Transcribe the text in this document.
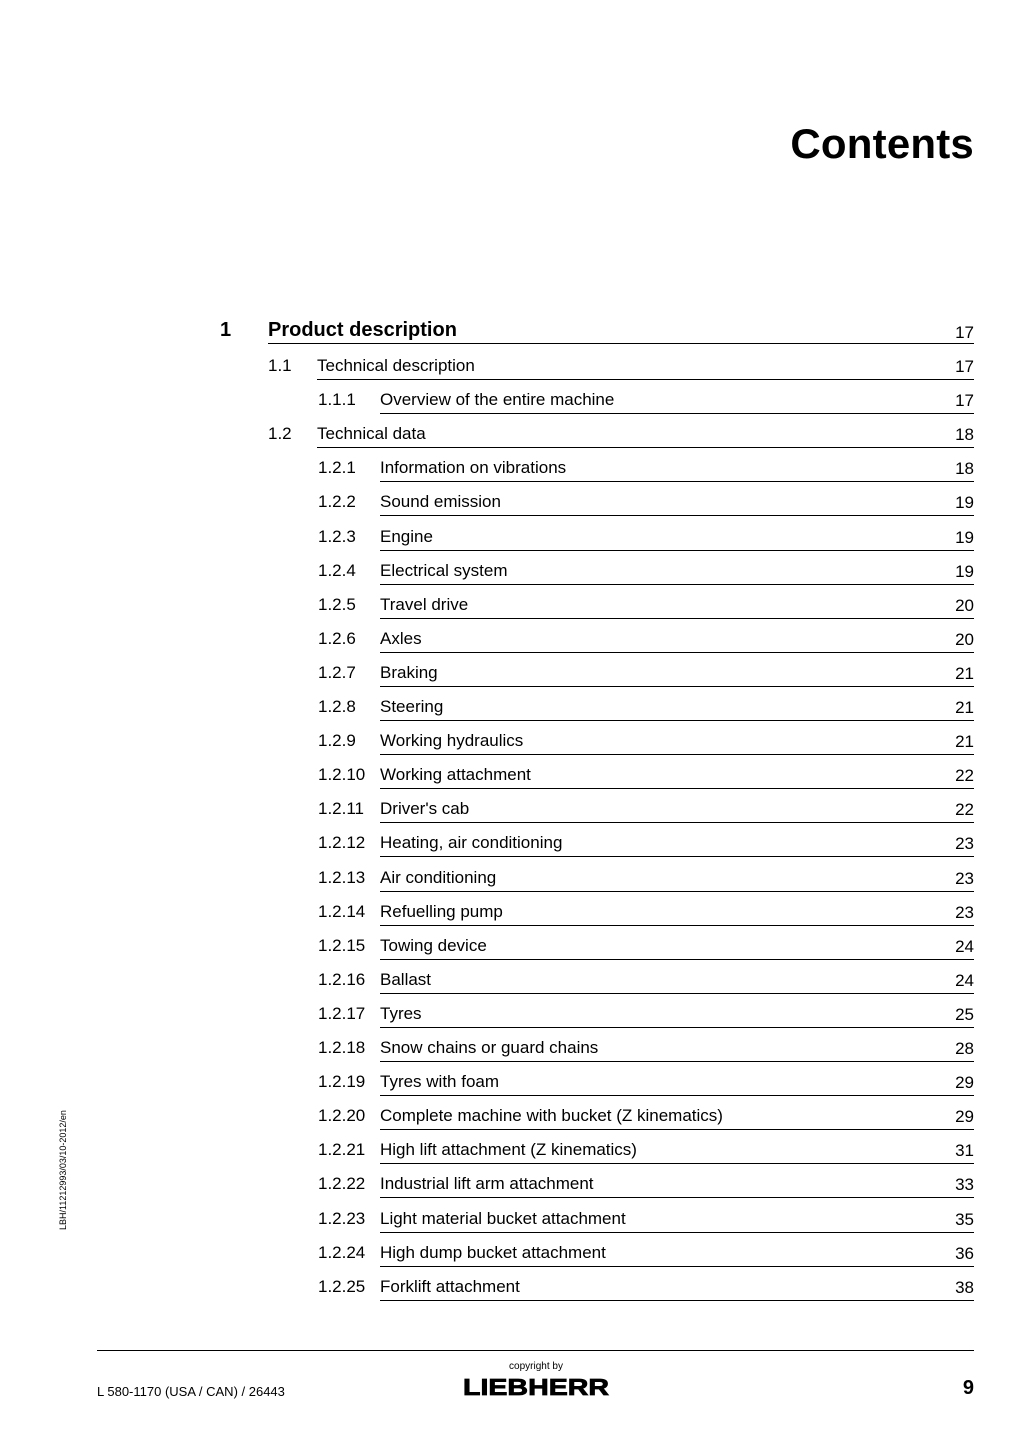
Contents
1 Product description	17
1.1 Technical description	17
1.1.1 Overview of the entire machine	17
1.2 Technical data	18
1.2.1 Information on vibrations	18
1.2.2 Sound emission	19
1.2.3 Engine	19
1.2.4 Electrical system	19
1.2.5 Travel drive	20
1.2.6 Axles	20
1.2.7 Braking	21
1.2.8 Steering	21
1.2.9 Working hydraulics	21
1.2.10 Working attachment	22
1.2.11 Driver's cab	22
1.2.12 Heating, air conditioning	23
1.2.13 Air conditioning	23
1.2.14 Refuelling pump	23
1.2.15 Towing device	24
1.2.16 Ballast	24
1.2.17 Tyres	25
1.2.18 Snow chains or guard chains	28
1.2.19 Tyres with foam	29
1.2.20 Complete machine with bucket (Z kinematics)	29
1.2.21 High lift attachment (Z kinematics)	31
1.2.22 Industrial lift arm attachment	33
1.2.23 Light material bucket attachment	35
1.2.24 High dump bucket attachment	36
1.2.25 Forklift attachment	38
LBH/11212993/03/10-2012/en
L 580-1170 (USA / CAN) / 26443
copyright by
LIEBHERR	9
